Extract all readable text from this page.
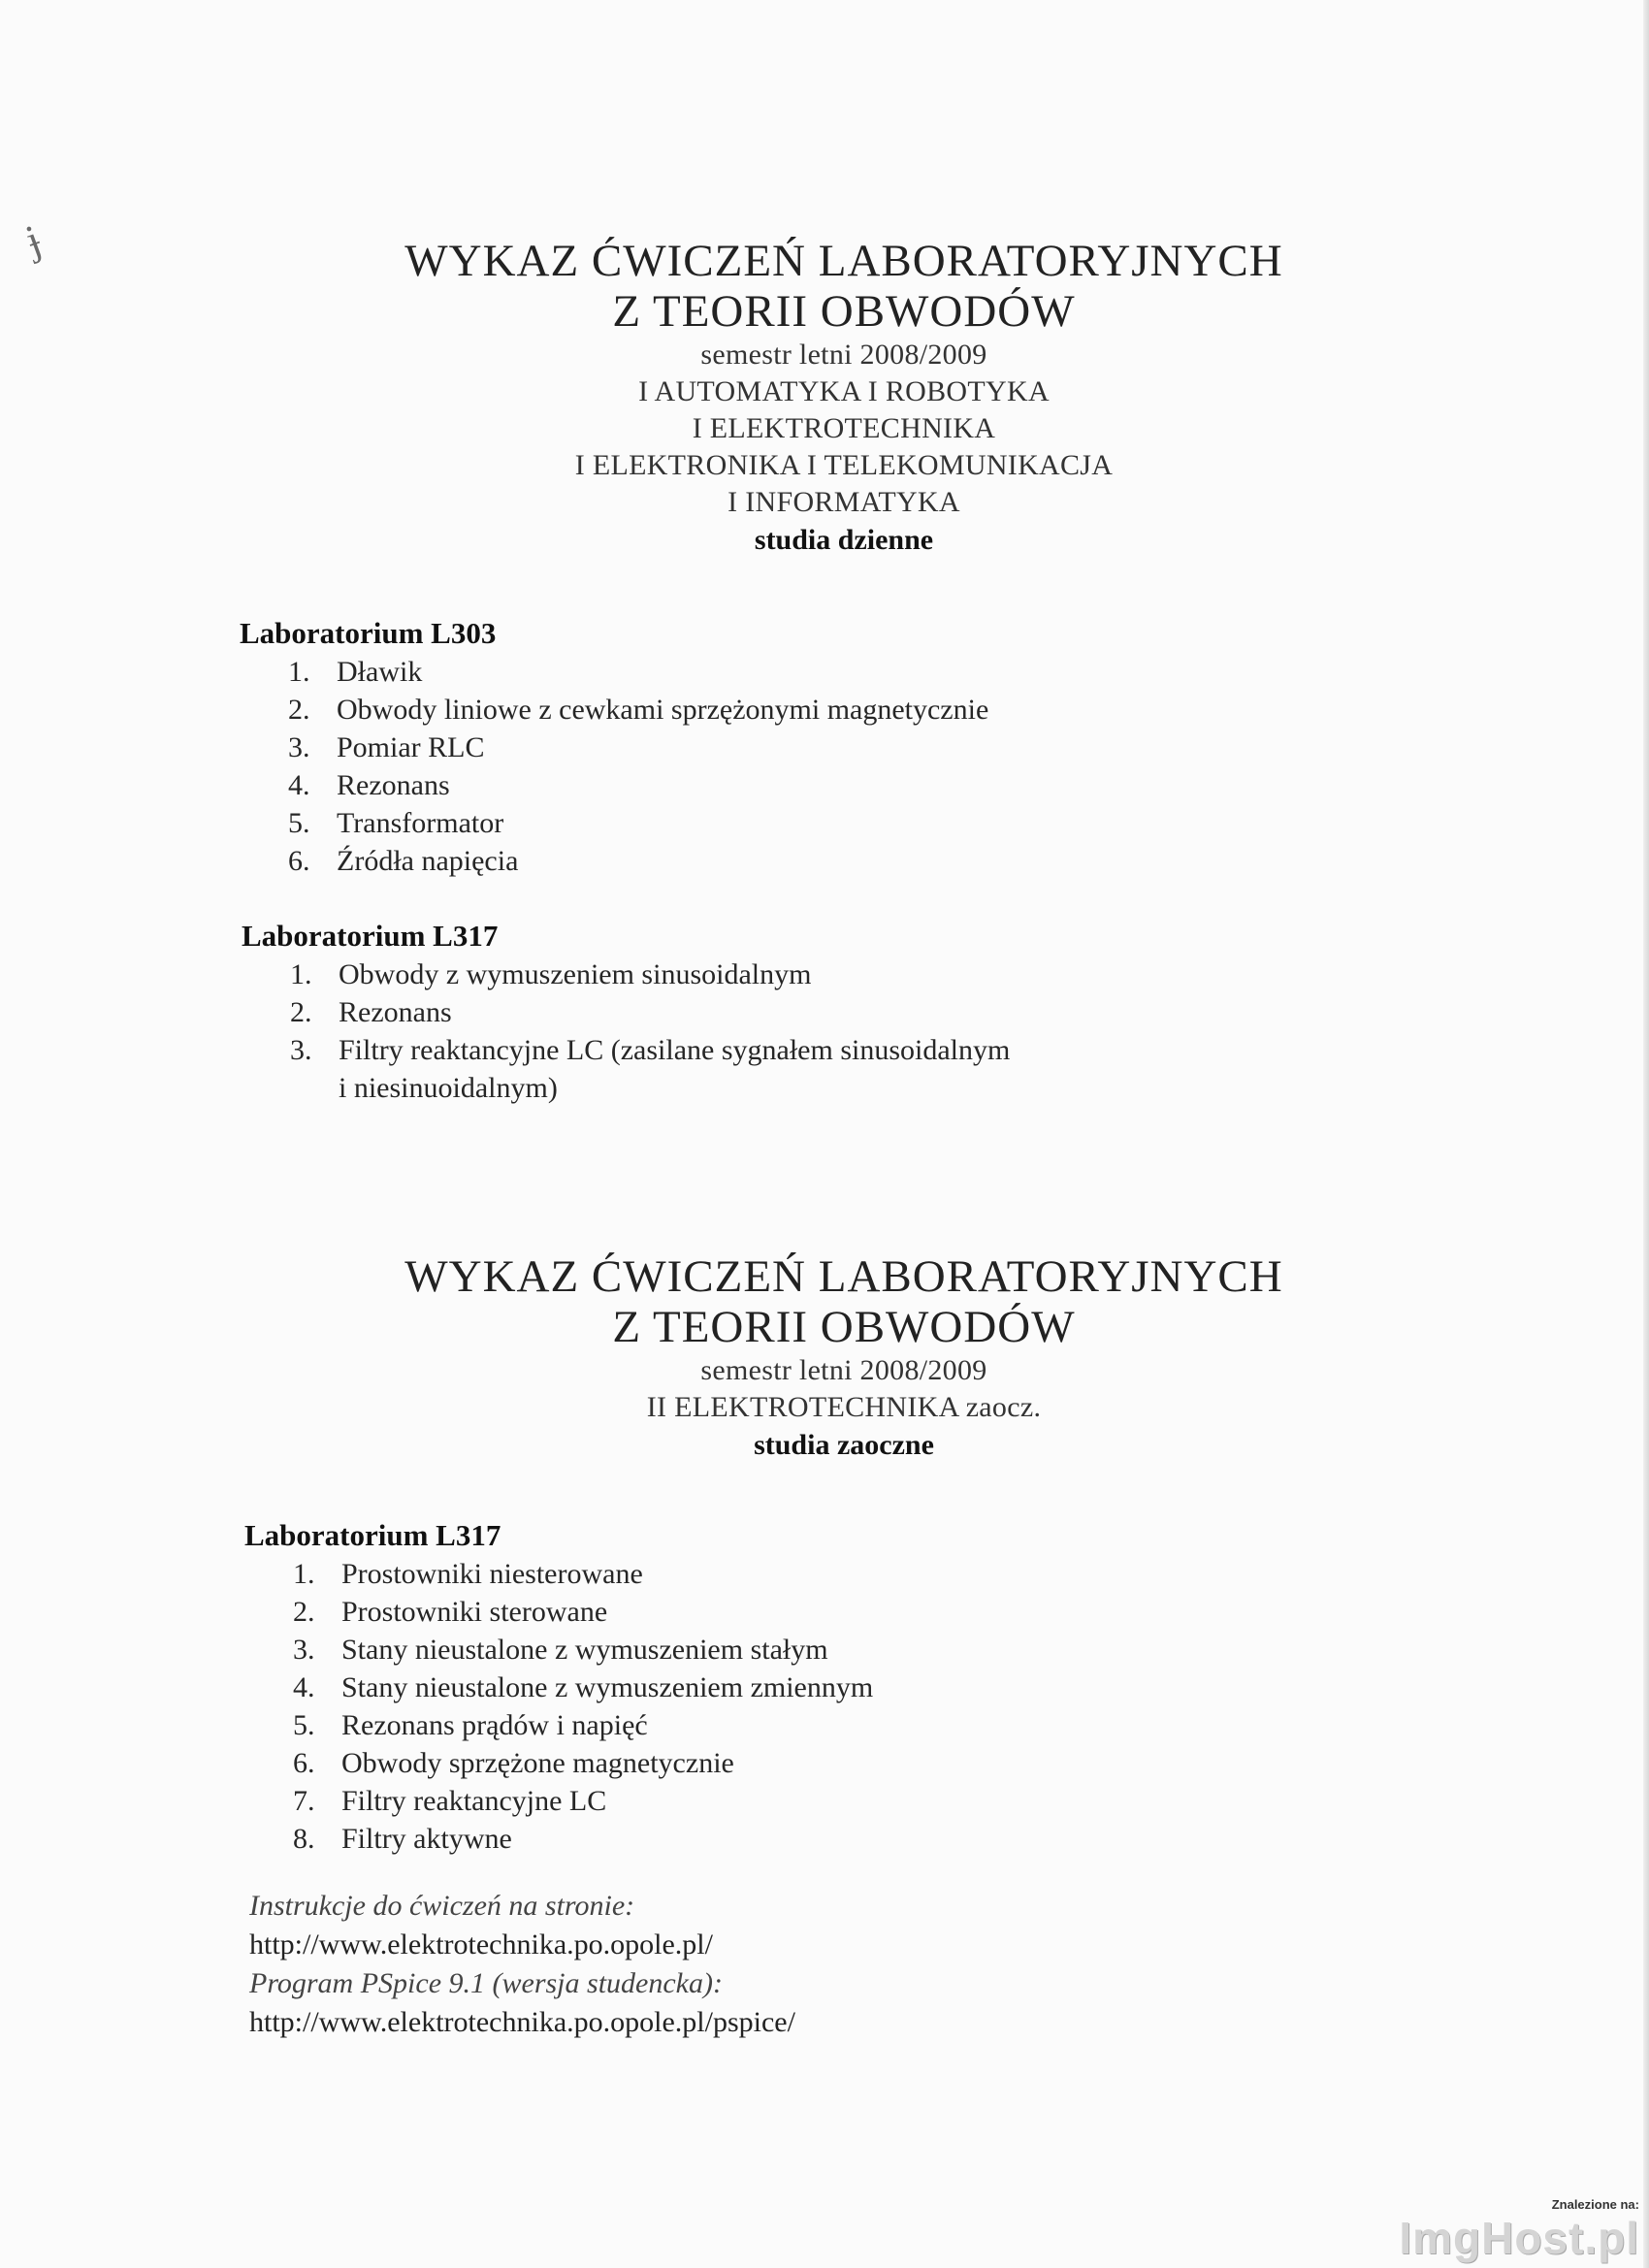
ɉ	WYKAZ ĆWICZEŃ LABORATORYJNYCH
Z TEORII OBWODÓW
semestr letni 2008/2009
I AUTOMATYKA I ROBOTYKA
I ELEKTROTECHNIKA
I ELEKTRONIKA I TELEKOMUNIKACJA
I INFORMATYKA
studia dzienne
Laboratorium L303
1. Dławik
2. Obwody liniowe z cewkami sprzężonymi magnetycznie
3. Pomiar RLC
4. Rezonans
5. Transformator
6. Źródła napięcia
Laboratorium L317
1. Obwody z wymuszeniem sinusoidalnym
2. Rezonans
3. Filtry reaktancyjne LC (zasilane sygnałem sinusoidalnym
i niesinuoidalnym)
WYKAZ ĆWICZEŃ LABORATORYJNYCH
Z TEORII OBWODÓW
semestr letni 2008/2009
II ELEKTROTECHNIKA zaocz.
studia zaoczne
Laboratorium L317
1. Prostowniki niesterowane
2. Prostowniki sterowane
3. Stany nieustalone z wymuszeniem stałym
4. Stany nieustalone z wymuszeniem zmiennym
5. Rezonans prądów i napięć
6. Obwody sprzężone magnetycznie
7. Filtry reaktancyjne LC
8. Filtry aktywne
Instrukcje do ćwiczeń na stronie:
http://www.elektrotechnika.po.opole.pl/
Program PSpice 9.1 (wersja studencka):
http://www.elektrotechnika.po.opole.pl/pspice/
Znalezione na:
ImgHost.pl
